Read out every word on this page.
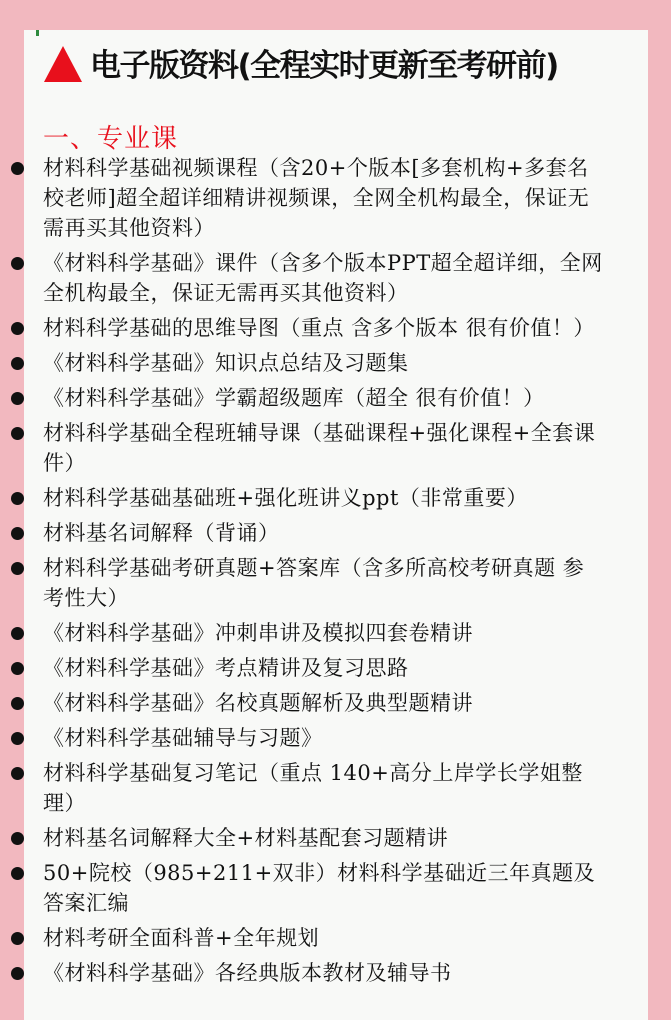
电子版资料(全程实时更新至考研前)
一、专业课
材料科学基础视频课程（含20+个版本[多套机构+多套名校老师]超全超详细精讲视频课，全网全机构最全，保证无需再买其他资料）
《材料科学基础》课件（含多个版本PPT超全超详细，全网全机构最全，保证无需再买其他资料）
材料科学基础的思维导图（重点 含多个版本 很有价值！）
《材料科学基础》知识点总结及习题集
《材料科学基础》学霸超级题库（超全 很有价值！）
材料科学基础全程班辅导课（基础课程+强化课程+全套课件）
材料科学基础基础班+强化班讲义ppt（非常重要）
材料基名词解释（背诵）
材料科学基础考研真题+答案库（含多所高校考研真题 参考性大）
《材料科学基础》冲刺串讲及模拟四套卷精讲
《材料科学基础》考点精讲及复习思路
《材料科学基础》名校真题解析及典型题精讲
《材料科学基础辅导与习题》
材料科学基础复习笔记（重点 140+高分上岸学长学姐整理）
材料基名词解释大全+材料基配套习题精讲
50+院校（985+211+双非）材料科学基础近三年真题及答案汇编
材料考研全面科普+全年规划
《材料科学基础》各经典版本教材及辅导书
